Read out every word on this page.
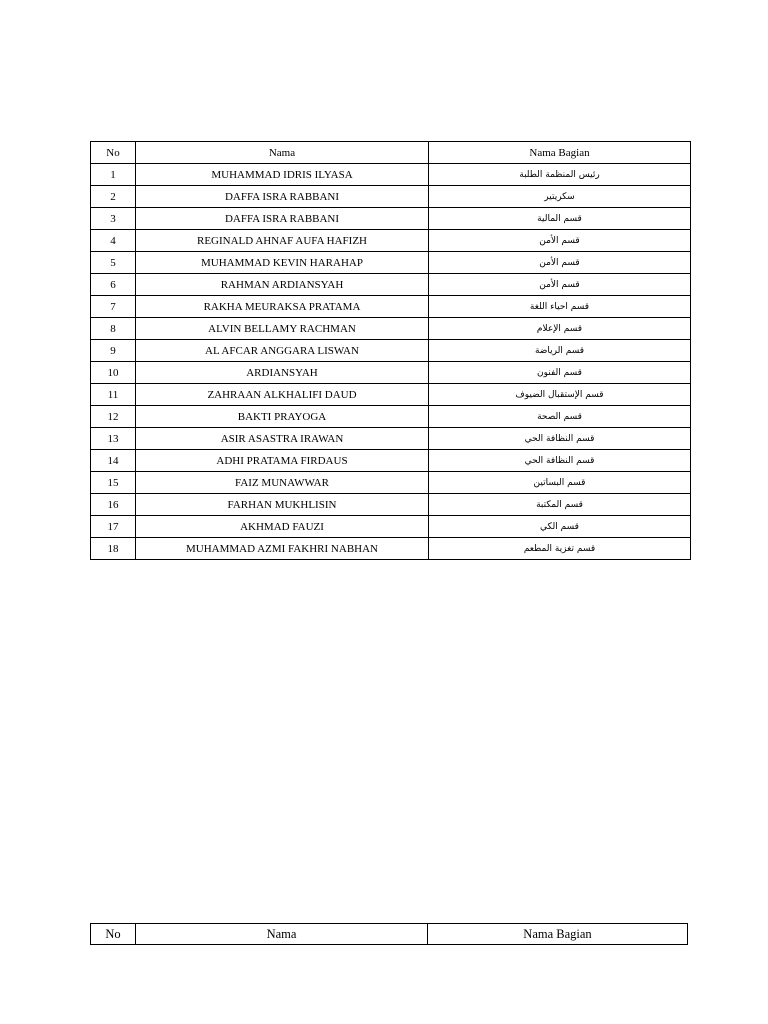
No	Nama	Nama Bagian
1	MUHAMMAD IDRIS ILYASA	رئيس المنظمة الطلبة
2	DAFFA ISRA RABBANI	سكريتير
3	DAFFA ISRA RABBANI	قسم المالية
4	REGINALD AHNAF AUFA HAFIZH	قسم الأمن
5	MUHAMMAD KEVIN HARAHAP	قسم الأمن
6	RAHMAN ARDIANSYAH	قسم الأمن
7	RAKHA MEURAKSA PRATAMA	قسم احياء اللغة
8	ALVIN BELLAMY RACHMAN	قسم الإعلام
9	AL AFCAR ANGGARA LISWAN	قسم الرياضة
10	ARDIANSYAH	قسم الفنون
11	ZAHRAAN ALKHALIFI DAUD	قسم الإستقبال الضيوف
12	BAKTI PRAYOGA	قسم الصحة
13	ASIR ASASTRA IRAWAN	قسم النظافة الحي
14	ADHI PRATAMA FIRDAUS	قسم النظافة الحي
15	FAIZ MUNAWWAR	قسم البساتين
16	FARHAN MUKHLISIN	قسم المكتبة
17	AKHMAD FAUZI	قسم الكي
18	MUHAMMAD AZMI FAKHRI NABHAN	قسم تغزية المطعم
No	Nama	Nama Bagian
